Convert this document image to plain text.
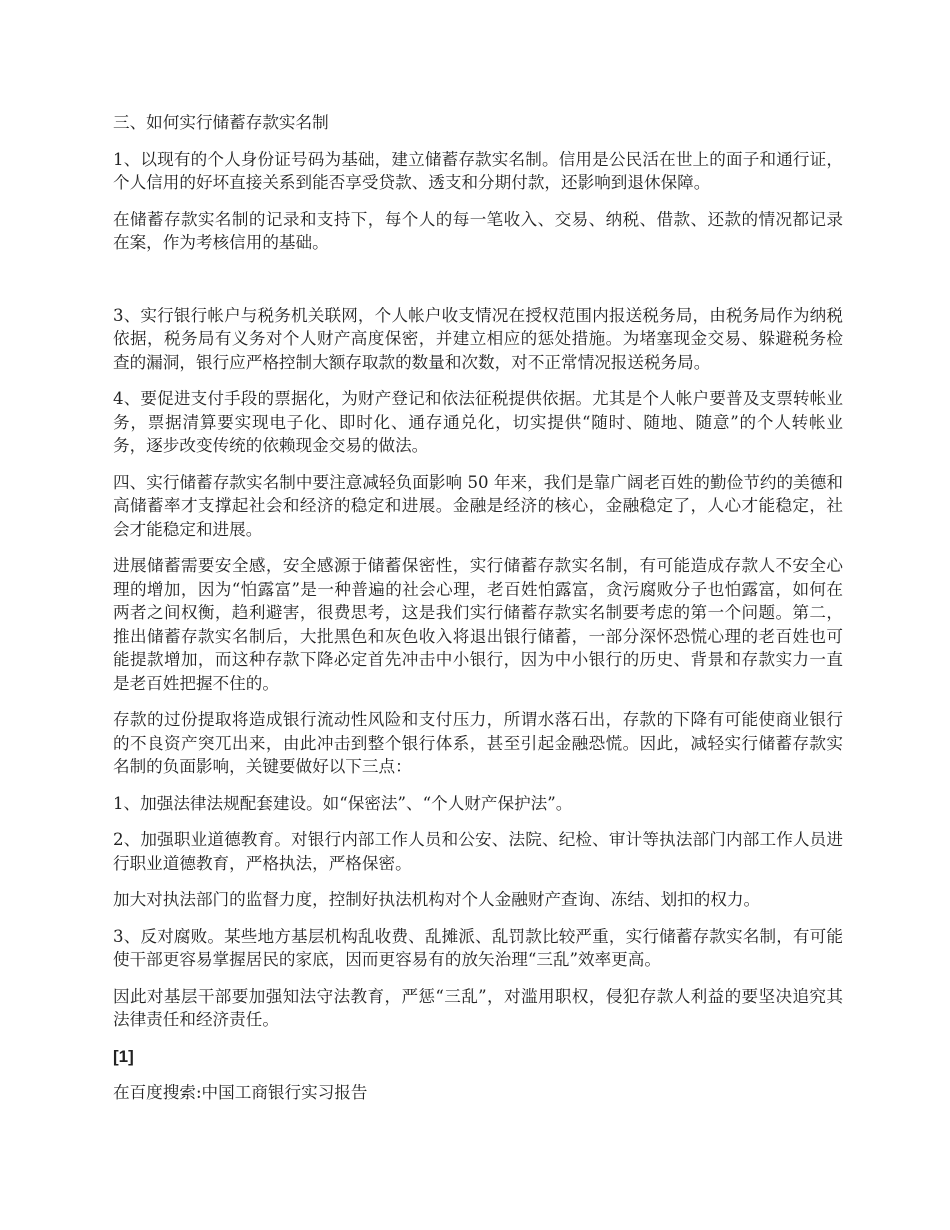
三、如何实行储蓄存款实名制

1、以现有的个人身份证号码为基础，建立储蓄存款实名制。信用是公民活在世上的面子和通行证，个人信用的好坏直接关系到能否享受贷款、透支和分期付款，还影响到退休保障。

在储蓄存款实名制的记录和支持下，每个人的每一笔收入、交易、纳税、借款、还款的情况都记录在案，作为考核信用的基础。

3、实行银行帐户与税务机关联网，个人帐户收支情况在授权范围内报送税务局，由税务局作为纳税依据，税务局有义务对个人财产高度保密，并建立相应的惩处措施。为堵塞现金交易、躲避税务检查的漏洞，银行应严格控制大额存取款的数量和次数，对不正常情况报送税务局。

4、要促进支付手段的票据化，为财产登记和依法征税提供依据。尤其是个人帐户要普及支票转帐业务，票据清算要实现电子化、即时化、通存通兑化，切实提供“随时、随地、随意”的个人转帐业务，逐步改变传统的依赖现金交易的做法。

四、实行储蓄存款实名制中要注意减轻负面影响 50 年来，我们是靠广阔老百姓的勤俭节约的美德和高储蓄率才支撑起社会和经济的稳定和进展。金融是经济的核心，金融稳定了，人心才能稳定，社会才能稳定和进展。

进展储蓄需要安全感，安全感源于储蓄保密性，实行储蓄存款实名制，有可能造成存款人不安全心理的增加，因为“怕露富”是一种普遍的社会心理，老百姓怕露富，贪污腐败分子也怕露富，如何在两者之间权衡，趋利避害，很费思考，这是我们实行储蓄存款实名制要考虑的第一个问题。第二，推出储蓄存款实名制后，大批黑色和灰色收入将退出银行储蓄，一部分深怀恐慌心理的老百姓也可能提款增加，而这种存款下降必定首先冲击中小银行，因为中小银行的历史、背景和存款实力一直是老百姓把握不住的。

存款的过份提取将造成银行流动性风险和支付压力，所谓水落石出，存款的下降有可能使商业银行的不良资产突兀出来，由此冲击到整个银行体系，甚至引起金融恐慌。因此，减轻实行储蓄存款实名制的负面影响，关键要做好以下三点：

1、加强法律法规配套建设。如“保密法”、“个人财产保护法”。

2、加强职业道德教育。对银行内部工作人员和公安、法院、纪检、审计等执法部门内部工作人员进行职业道德教育，严格执法，严格保密。

加大对执法部门的监督力度，控制好执法机构对个人金融财产查询、冻结、划扣的权力。

3、反对腐败。某些地方基层机构乱收费、乱摊派、乱罚款比较严重，实行储蓄存款实名制，有可能使干部更容易掌握居民的家底，因而更容易有的放矢治理“三乱”效率更高。

因此对基层干部要加强知法守法教育，严惩“三乱”，对滥用职权，侵犯存款人利益的要坚决追究其法律责任和经济责任。

[1]

在百度搜索:中国工商银行实习报告
